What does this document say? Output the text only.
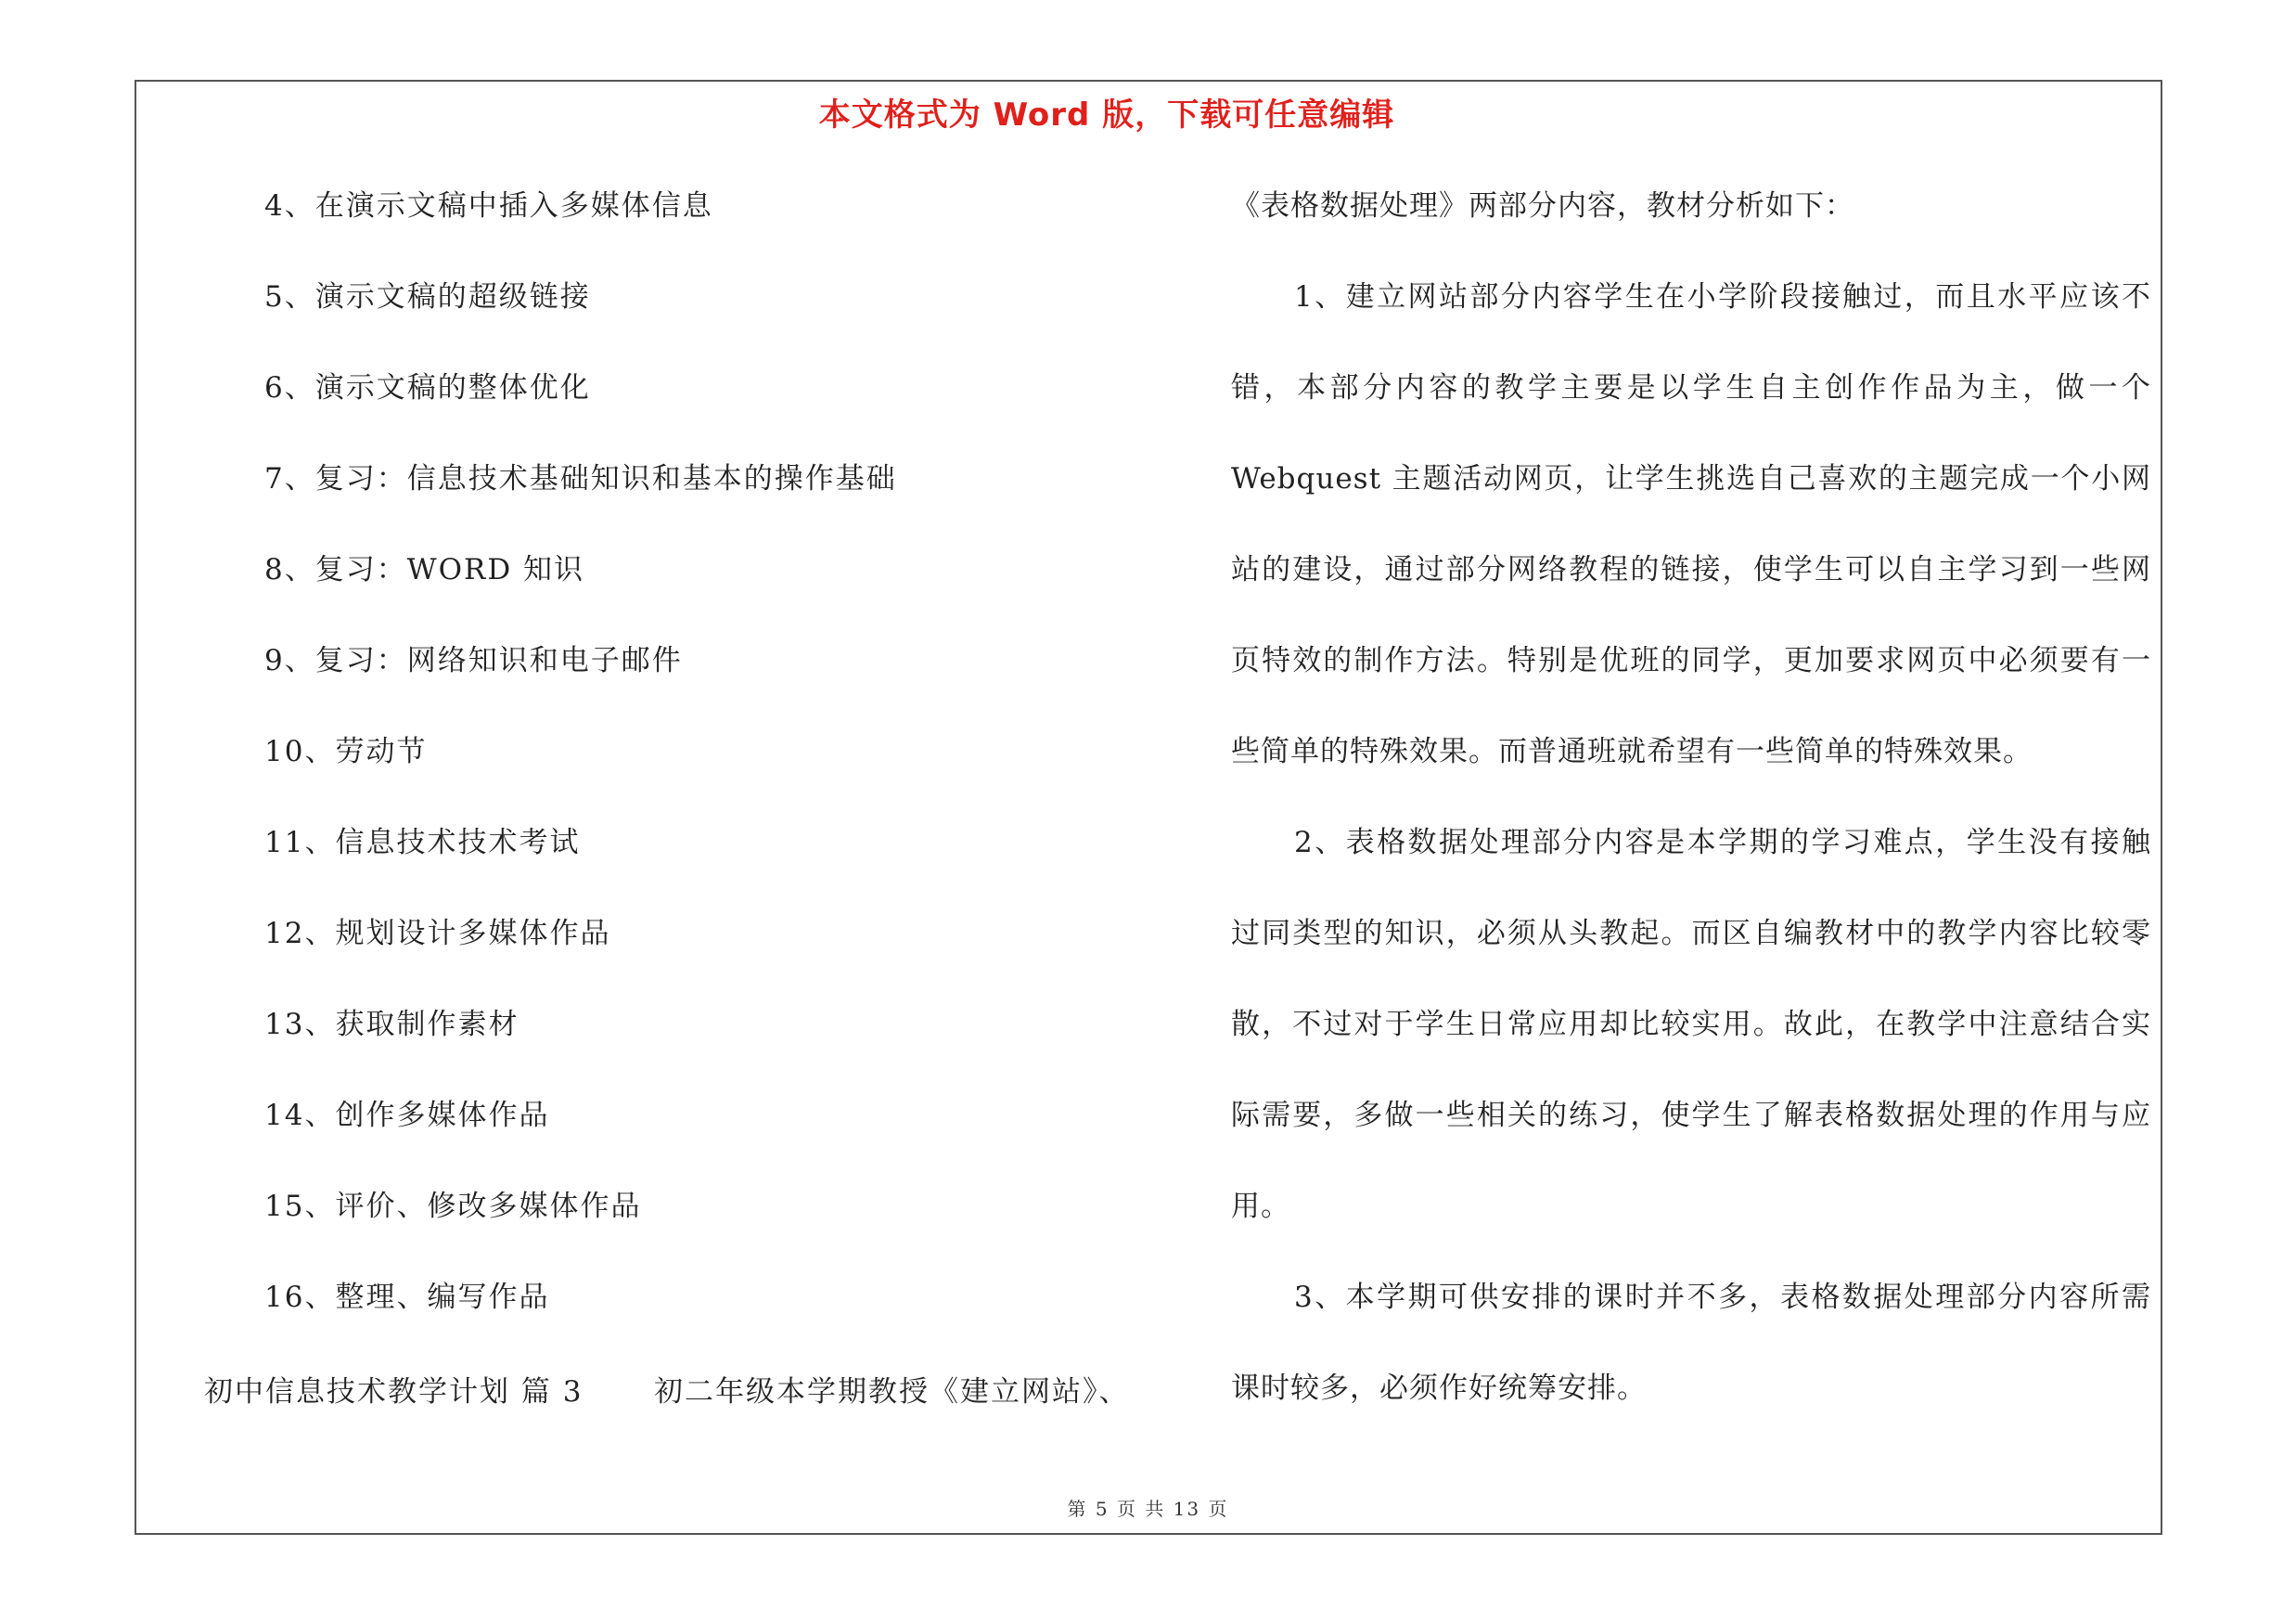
本文格式为 Word 版，下载可任意编辑
4、在演示文稿中插入多媒体信息
5、演示文稿的超级链接
6、演示文稿的整体优化
7、复习：信息技术基础知识和基本的操作基础
8、复习：WORD 知识
9、复习：网络知识和电子邮件
10、劳动节
11、信息技术技术考试
12、规划设计多媒体作品
13、获取制作素材
14、创作多媒体作品
15、评价、修改多媒体作品
16、整理、编写作品
初中信息技术教学计划 篇 3 初二年级本学期教授《建立网站》、
《表格数据处理》两部分内容，教材分析如下：
1、建立网站部分内容学生在小学阶段接触过，而且水平应该不
错，本部分内容的教学主要是以学生自主创作作品为主，做一个
Webquest 主题活动网页，让学生挑选自己喜欢的主题完成一个小网
站的建设，通过部分网络教程的链接，使学生可以自主学习到一些网
页特效的制作方法。特别是优班的同学，更加要求网页中必须要有一
些简单的特殊效果。而普通班就希望有一些简单的特殊效果。
2、表格数据处理部分内容是本学期的学习难点，学生没有接触
过同类型的知识，必须从头教起。而区自编教材中的教学内容比较零
散，不过对于学生日常应用却比较实用。故此，在教学中注意结合实
际需要，多做一些相关的练习，使学生了解表格数据处理的作用与应
用。
3、本学期可供安排的课时并不多，表格数据处理部分内容所需
课时较多，必须作好统筹安排。
第 5 页 共 13 页
